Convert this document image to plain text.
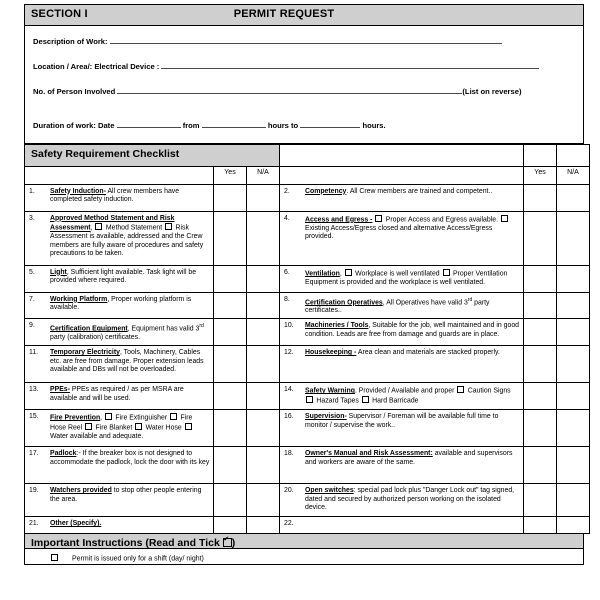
SECTION I	PERMIT REQUEST
Description of Work:
Location / Area/: Electrical Device :
No. of Person Involved	(List on reverse)
Duration of work: Date	from	hours to	hours.
Safety Requirement Checklist					
	Yes	N/A		Yes	N/A

1. Safety Induction- All crew members have completed safety induction.			2. Competency. All Crew members are trained and competent..		

3. Approved Method Statement and Risk Assessment,  Method Statement  Risk Assessment is available, addressed and the Crew members are fully aware of procedures and safety precautions to be taken.			4. Access and Egress -  Proper Access and Egress available.  Existing Access/Egress closed and alternative Access/Egress provided.		

5. Light, Sufficient light available. Task light will be provided where required.			6. Ventilation,  Workplace is well ventilated  Proper Ventilation Equipment is provided and the workplace is well ventilated.		

7. Working Platform, Proper working platform is available.			8. Certification Operatives, All Operatives have valid 3rd party certificates..		

9. Certification Equipment, Equipment has valid 3rd party (calibration) certificates.			10. Machineries / Tools, Suitable for the job, well maintained and in good condition. Leads are free from damage and guards are in place.		

11. Temporary Electricity, Tools, Machinery, Cables etc. are free from damage. Proper extension leads available and DBs will not be overloaded.			12. Housekeeping - Area clean and materials are stacked properly.		

13. PPEs- PPEs as required / as per MSRA are available and will be used.			14. Safety Warning. Provided / Available and proper  Caution Signs  Hazard Tapes  Hard Barricade		

15. Fire Prevention,  Fire Extinguisher  Fire Hose Reel  Fire Blanket  Water Hose  Water available and adequate.			16. Supervision- Supervisor / Foreman will be available full time to monitor / supervise the work..		

17. Padlock:- If the breaker box is not designed to accommodate the padlock, lock the door with its key			18. Owner's Manual and Risk Assessment: available and supervisors and workers are aware of the same.		

19. Watchers provided to stop other people entering the area.			20. Open switches: special pad lock plus "Danger Lock out" tag signed, dated and secured by authorized person working on the isolated device.		

21. Other (Specify).			22.		

Important Instructions (Read and Tick ✔)
Permit is issued only for a shift (day/ night)
